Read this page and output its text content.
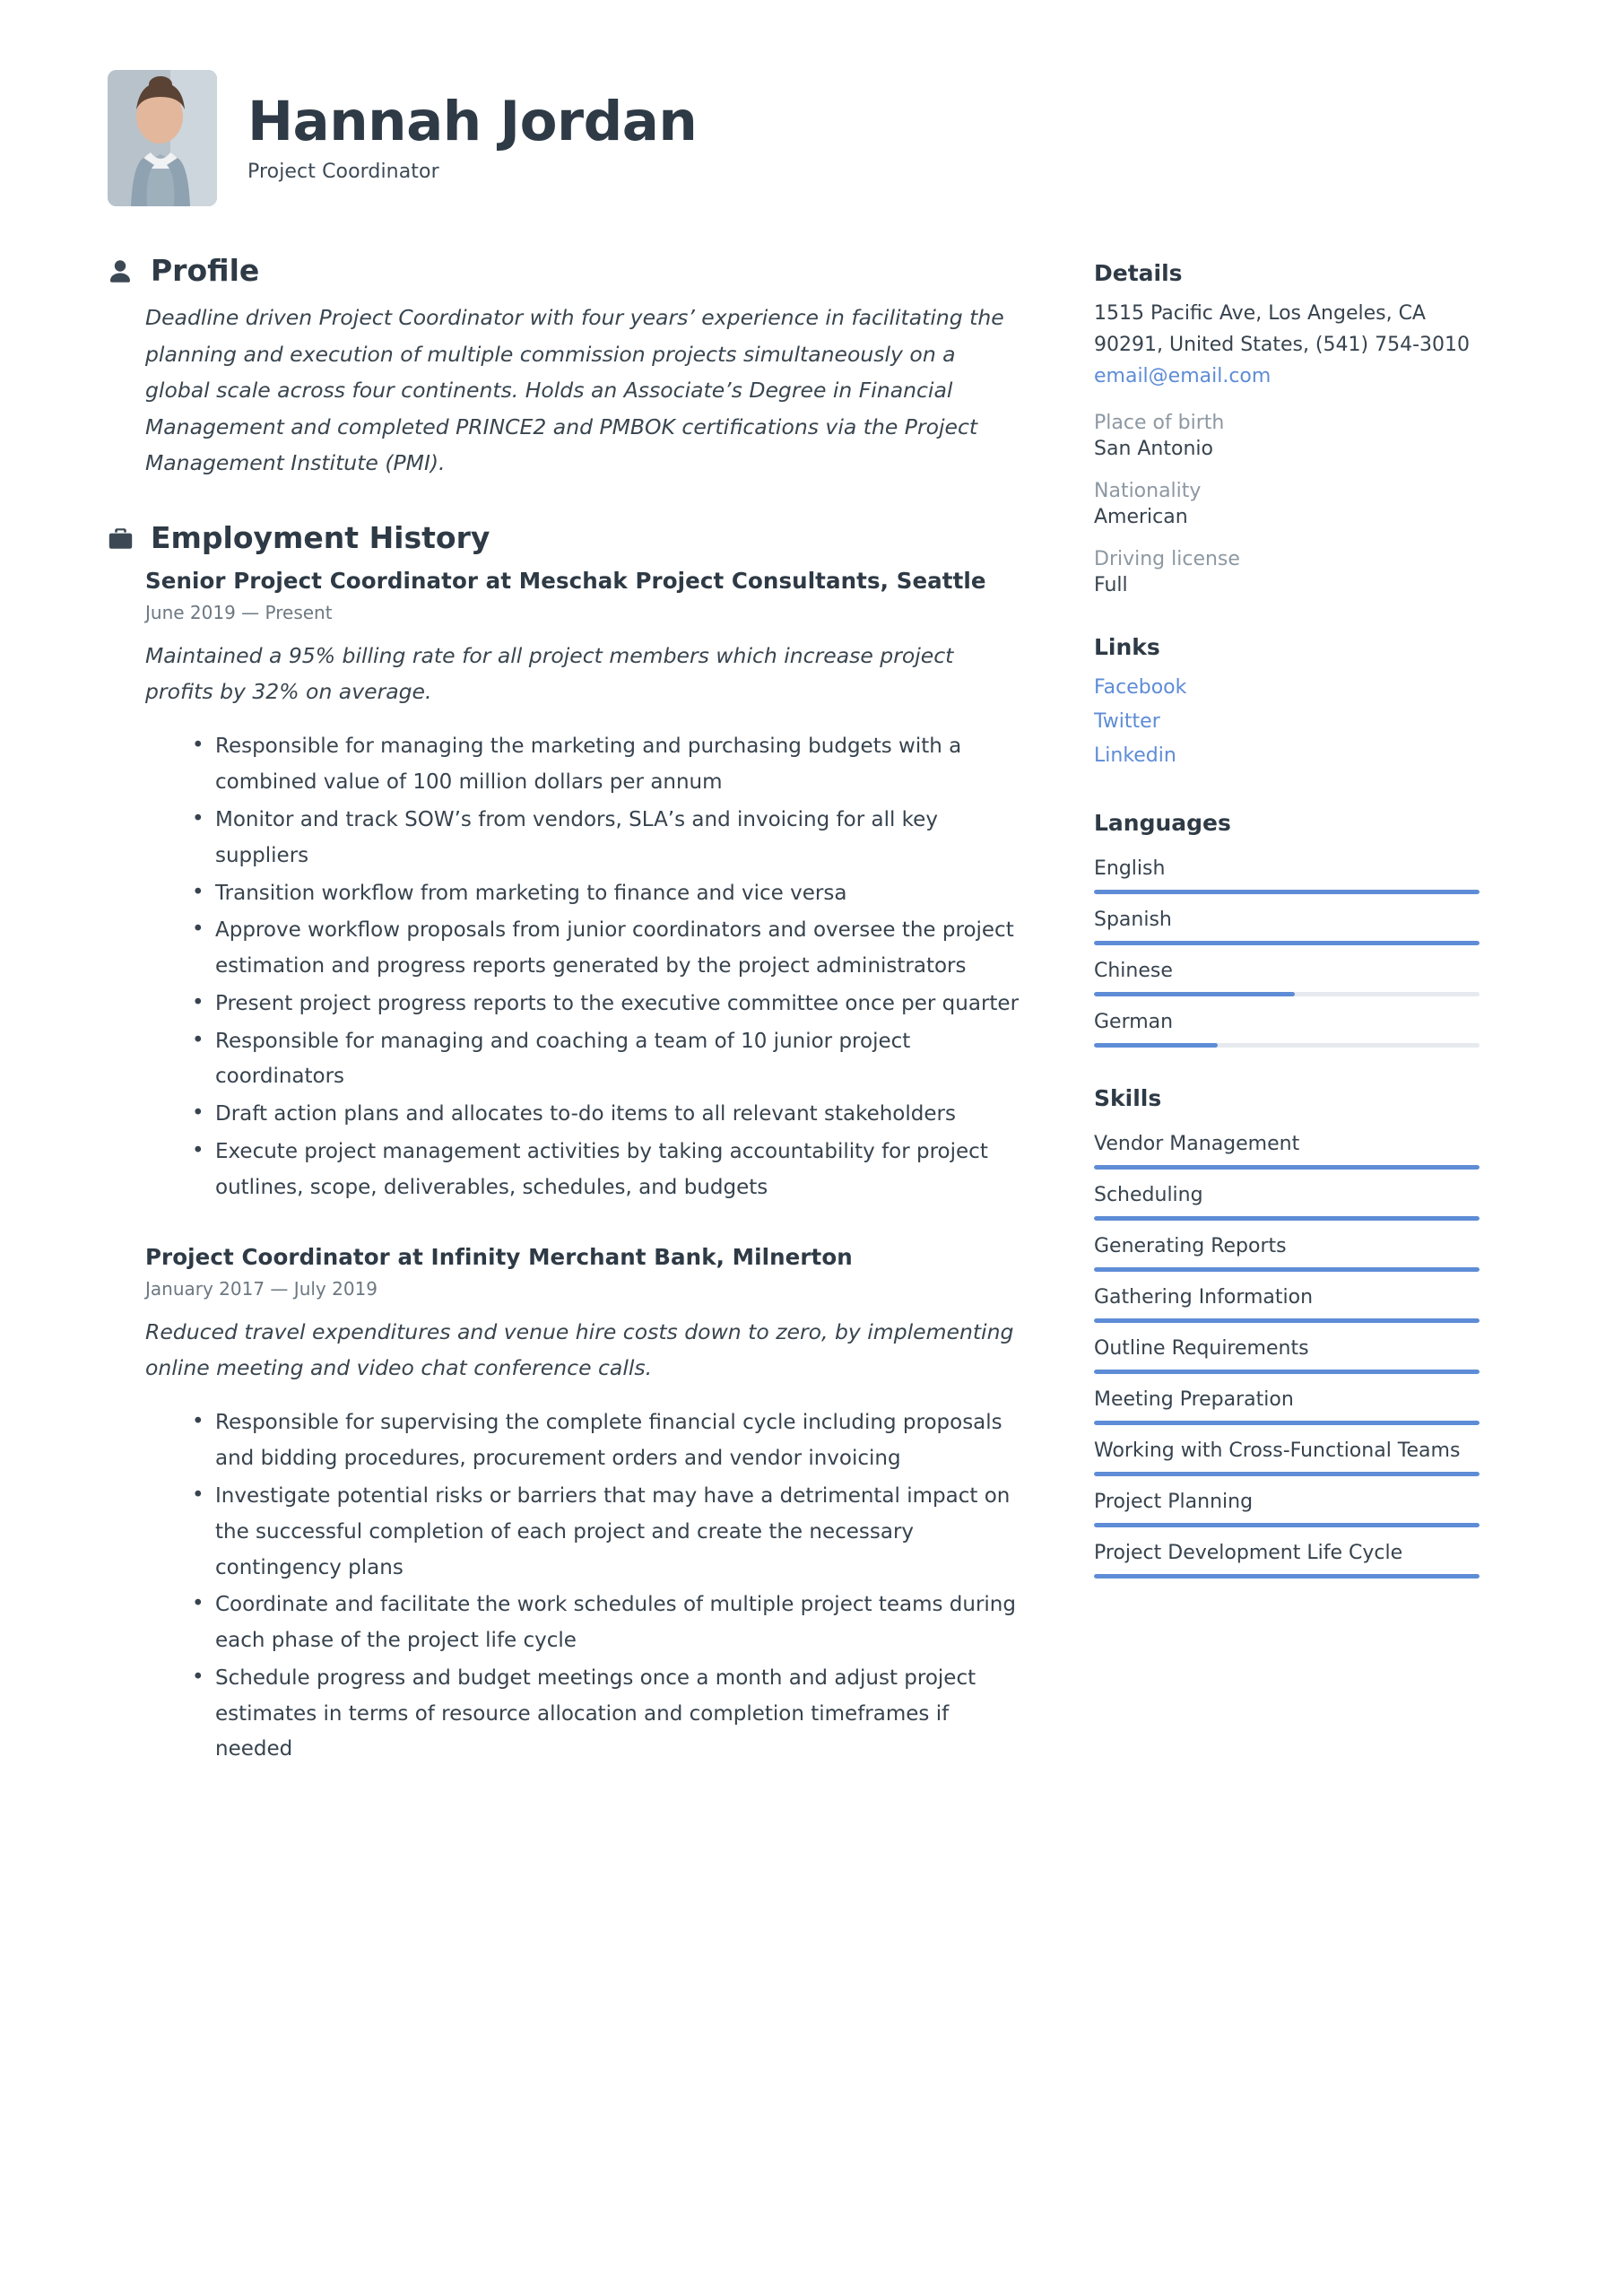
Hannah Jordan

Project Coordinator

Profile

Deadline driven Project Coordinator with four years’ experience in facilitating the planning and execution of multiple commission projects simultaneously on a global scale across four continents. Holds an Associate’s Degree in Financial Management and completed PRINCE2 and PMBOK certifications via the Project Management Institute (PMI).

Employment History
Senior Project Coordinator at Meschak Project Consultants, Seattle
June 2019 — Present
Maintained a 95% billing rate for all project members which increase project profits by 32% on average.
• Responsible for managing the marketing and purchasing budgets with a combined value of 100 million dollars per annum
• Monitor and track SOW’s from vendors, SLA’s and invoicing for all key suppliers
• Transition workflow from marketing to finance and vice versa
• Approve workflow proposals from junior coordinators and oversee the project estimation and progress reports generated by the project administrators
• Present project progress reports to the executive committee once per quarter
• Responsible for managing and coaching a team of 10 junior project coordinators
• Draft action plans and allocates to-do items to all relevant stakeholders
• Execute project management activities by taking accountability for project outlines, scope, deliverables, schedules, and budgets
Project Coordinator at Infinity Merchant Bank, Milnerton
January 2017 — July 2019
Reduced travel expenditures and venue hire costs down to zero, by implementing online meeting and video chat conference calls.
• Responsible for supervising the complete financial cycle including proposals and bidding procedures, procurement orders and vendor invoicing
• Investigate potential risks or barriers that may have a detrimental impact on the successful completion of each project and create the necessary contingency plans
• Coordinate and facilitate the work schedules of multiple project teams during each phase of the project life cycle
• Schedule progress and budget meetings once a month and adjust project estimates in terms of resource allocation and completion timeframes if needed
Details
1515 Pacific Ave, Los Angeles, CA 90291, United States, (541) 754-3010
email@email.com
Place of birth
San Antonio
Nationality
American
Driving license
Full
Links
Facebook
Twitter
Linkedin
Languages
English
Spanish
Chinese
German
Skills
Vendor Management
Scheduling
Generating Reports
Gathering Information
Outline Requirements
Meeting Preparation
Working with Cross-Functional Teams
Project Planning
Project Development Life Cycle
